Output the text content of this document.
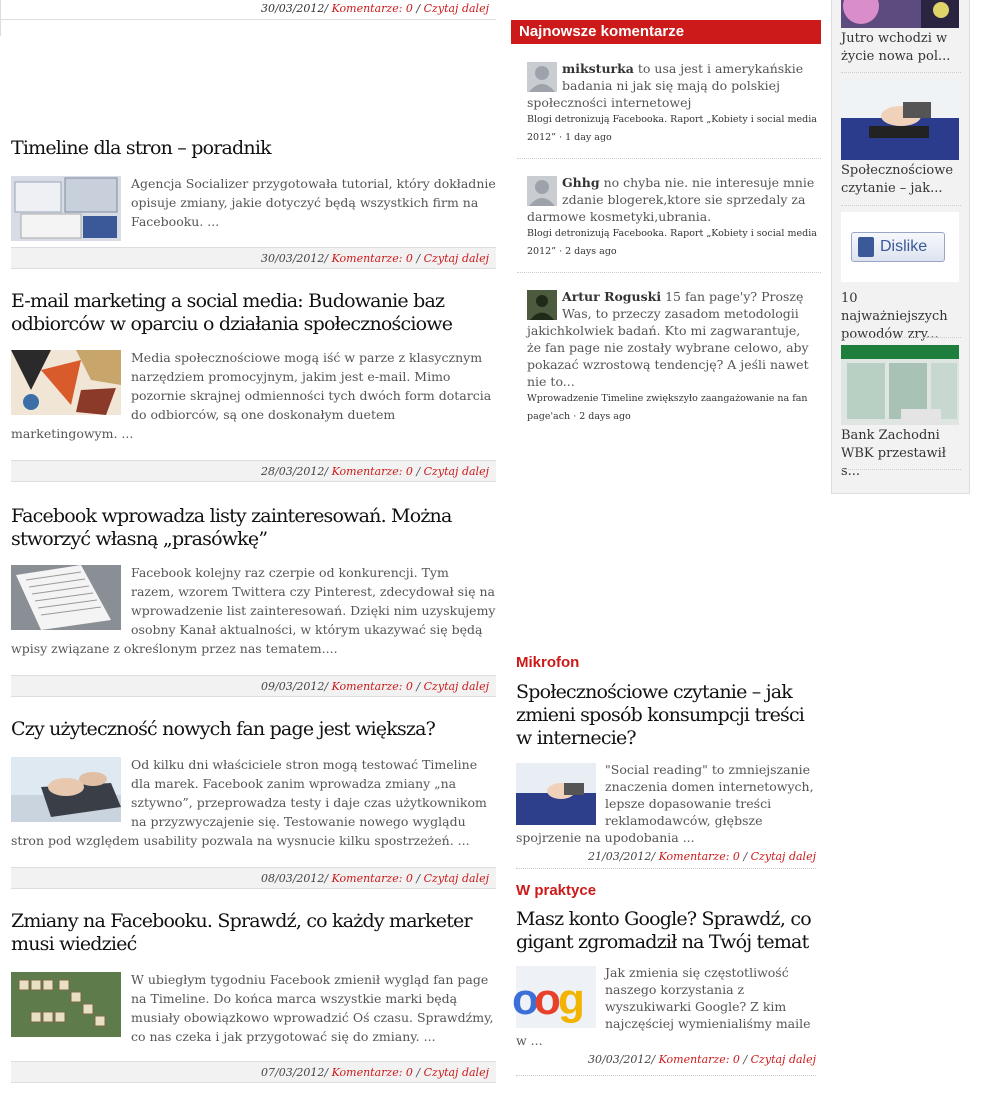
30/03/2012/ Komentarze: 0 / Czytaj dalej
Timeline dla stron – poradnik
Agencja Socializer przygotowała tutorial, który dokładnie opisuje zmiany, jakie dotyczyć będą wszystkich firm na Facebooku. ...
30/03/2012/ Komentarze: 0 / Czytaj dalej
E-mail marketing a social media: Budowanie baz odbiorców w oparciu o działania społecznościowe
Media społecznościowe mogą iść w parze z klasycznym narzędziem promocyjnym, jakim jest e-mail. Mimo pozornie skrajnej odmienności tych dwóch form dotarcia do odbiorców, są one doskonałym duetem marketingowym. ...
28/03/2012/ Komentarze: 0 / Czytaj dalej
Facebook wprowadza listy zainteresowań. Można stworzyć własną „prasówkę”
Facebook kolejny raz czerpie od konkurencji. Tym razem, wzorem Twittera czy Pinterest, zdecydował się na wprowadzenie list zainteresowań. Dzięki nim uzyskujemy osobny Kanał aktualności, w którym ukazywać się będą wpisy związane z określonym przez nas tematem....
09/03/2012/ Komentarze: 0 / Czytaj dalej
Czy użyteczność nowych fan page jest większa?
Od kilku dni właściciele stron mogą testować Timeline dla marek. Facebook zanim wprowadza zmiany „na sztywno”, przeprowadza testy i daje czas użytkownikom na przyzwyczajenie się. Testowanie nowego wyglądu stron pod względem usability pozwala na wysnucie kilku spostrzeżeń. ...
08/03/2012/ Komentarze: 0 / Czytaj dalej
Zmiany na Facebooku. Sprawdź, co każdy marketer musi wiedzieć
W ubiegłym tygodniu Facebook zmienił wygląd fan page na Timeline. Do końca marca wszystkie marki będą musiały obowiązkowo wprowadzić Oś czasu. Sprawdźmy, co nas czeka i jak przygotować się do zmiany. ...
07/03/2012/ Komentarze: 0 / Czytaj dalej
Najnowsze komentarze
miksturka to usa jest i amerykańskie badania ni jak się mają do polskiej społeczności internetowej
Blogi detronizują Facebooka. Raport „Kobiety i social media 2012” · 1 day ago
Ghhg no chyba nie. nie interesuje mnie zdanie blogerek,ktore sie sprzedaly za darmowe kosmetyki,ubrania.
Blogi detronizują Facebooka. Raport „Kobiety i social media 2012” · 2 days ago
Artur Roguski 15 fan page'y? Proszę Was, to przeczy zasadom metodologii jakichkolwiek badań. Kto mi zagwarantuje, że fan page nie zostały wybrane celowo, aby pokazać wzrostową tendencję? A jeśli nawet nie to...
Wprowadzenie Timeline zwiększyło zaangażowanie na fan page'ach · 2 days ago
Mikrofon
Społecznościowe czytanie – jak zmieni sposób konsumpcji treści w internecie?
"Social reading" to zmniejszanie znaczenia domen internetowych, lepsze dopasowanie treści reklamodawców, głębsze spojrzenie na upodobania ...
21/03/2012/ Komentarze: 0 / Czytaj dalej
W praktyce
Masz konto Google? Sprawdź, co gigant zgromadził na Twój temat
o
o
g
Jak zmienia się częstotliwość naszego korzystania z wyszukiwarki Google? Z kim najczęściej wymienialiśmy maile w ...
30/03/2012/ Komentarze: 0 / Czytaj dalej
Jutro wchodzi w życie nowa pol...
Społecznościowe czytanie – jak...
Dislike
10 najważniejszych powodów zry...
Bank Zachodni WBK przestawił s...
